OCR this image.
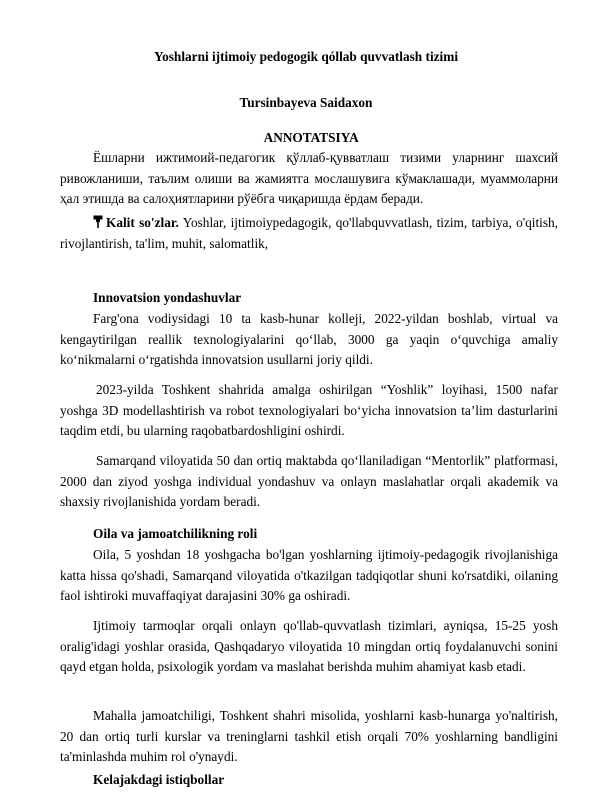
Yoshlarni ijtimoiy pedogogik qóllab quvvatlash tizimi

Tursinbayeva Saidaxon

ANNOTATSIYA

Ёшларни ижтимоий-педагогик қўллаб-қувватлаш тизими уларнинг шахсий ривожланиши, таълим олиши ва жамиятга мослашувига кўмаклашади, муаммоларни ҳал этишда ва салоҳиятларини рўёбга чиқаришда ёрдам беради.

Kalit so'zlar. Yoshlar, ijtimoiypedagogik, qo'llabquvvatlash, tizim, tarbiya, o'qitish, rivojlantirish, ta'lim, muhit, salomatlik,

Innovatsion yondashuvlar

Farg'ona vodiysidagi 10 ta kasb-hunar kolleji, 2022-yildan boshlab, virtual va kengaytirilgan reallik texnologiyalarini qo‘llab, 3000 ga yaqin o‘quvchiga amaliy ko‘nikmalarni o‘rgatishda innovatsion usullarni joriy qildi.

2023-yilda Toshkent shahrida amalga oshirilgan “Yoshlik” loyihasi, 1500 nafar yoshga 3D modellashtirish va robot texnologiyalari bo‘yicha innovatsion ta’lim dasturlarini taqdim etdi, bu ularning raqobatbardoshligini oshirdi.

Samarqand viloyatida 50 dan ortiq maktabda qo‘llaniladigan “Mentorlik” platformasi, 2000 dan ziyod yoshga individual yondashuv va onlayn maslahatlar orqali akademik va shaxsiy rivojlanishida yordam beradi.

Oila va jamoatchilikning roli

Oila, 5 yoshdan 18 yoshgacha bo'lgan yoshlarning ijtimoiy-pedagogik rivojlanishiga katta hissa qo'shadi, Samarqand viloyatida o'tkazilgan tadqiqotlar shuni ko'rsatdiki, oilaning faol ishtiroki muvaffaqiyat darajasini 30% ga oshiradi.

Ijtimoiy tarmoqlar orqali onlayn qo'llab-quvvatlash tizimlari, ayniqsa, 15-25 yosh oralig'idagi yoshlar orasida, Qashqadaryo viloyatida 10 mingdan ortiq foydalanuvchi sonini qayd etgan holda, psixologik yordam va maslahat berishda muhim ahamiyat kasb etadi.

Mahalla jamoatchiligi, Toshkent shahri misolida, yoshlarni kasb-hunarga yo'naltirish, 20 dan ortiq turli kurslar va treninglarni tashkil etish orqali 70% yoshlarning bandligini ta'minlashda muhim rol o'ynaydi.

Kelajakdagi istiqbollar
